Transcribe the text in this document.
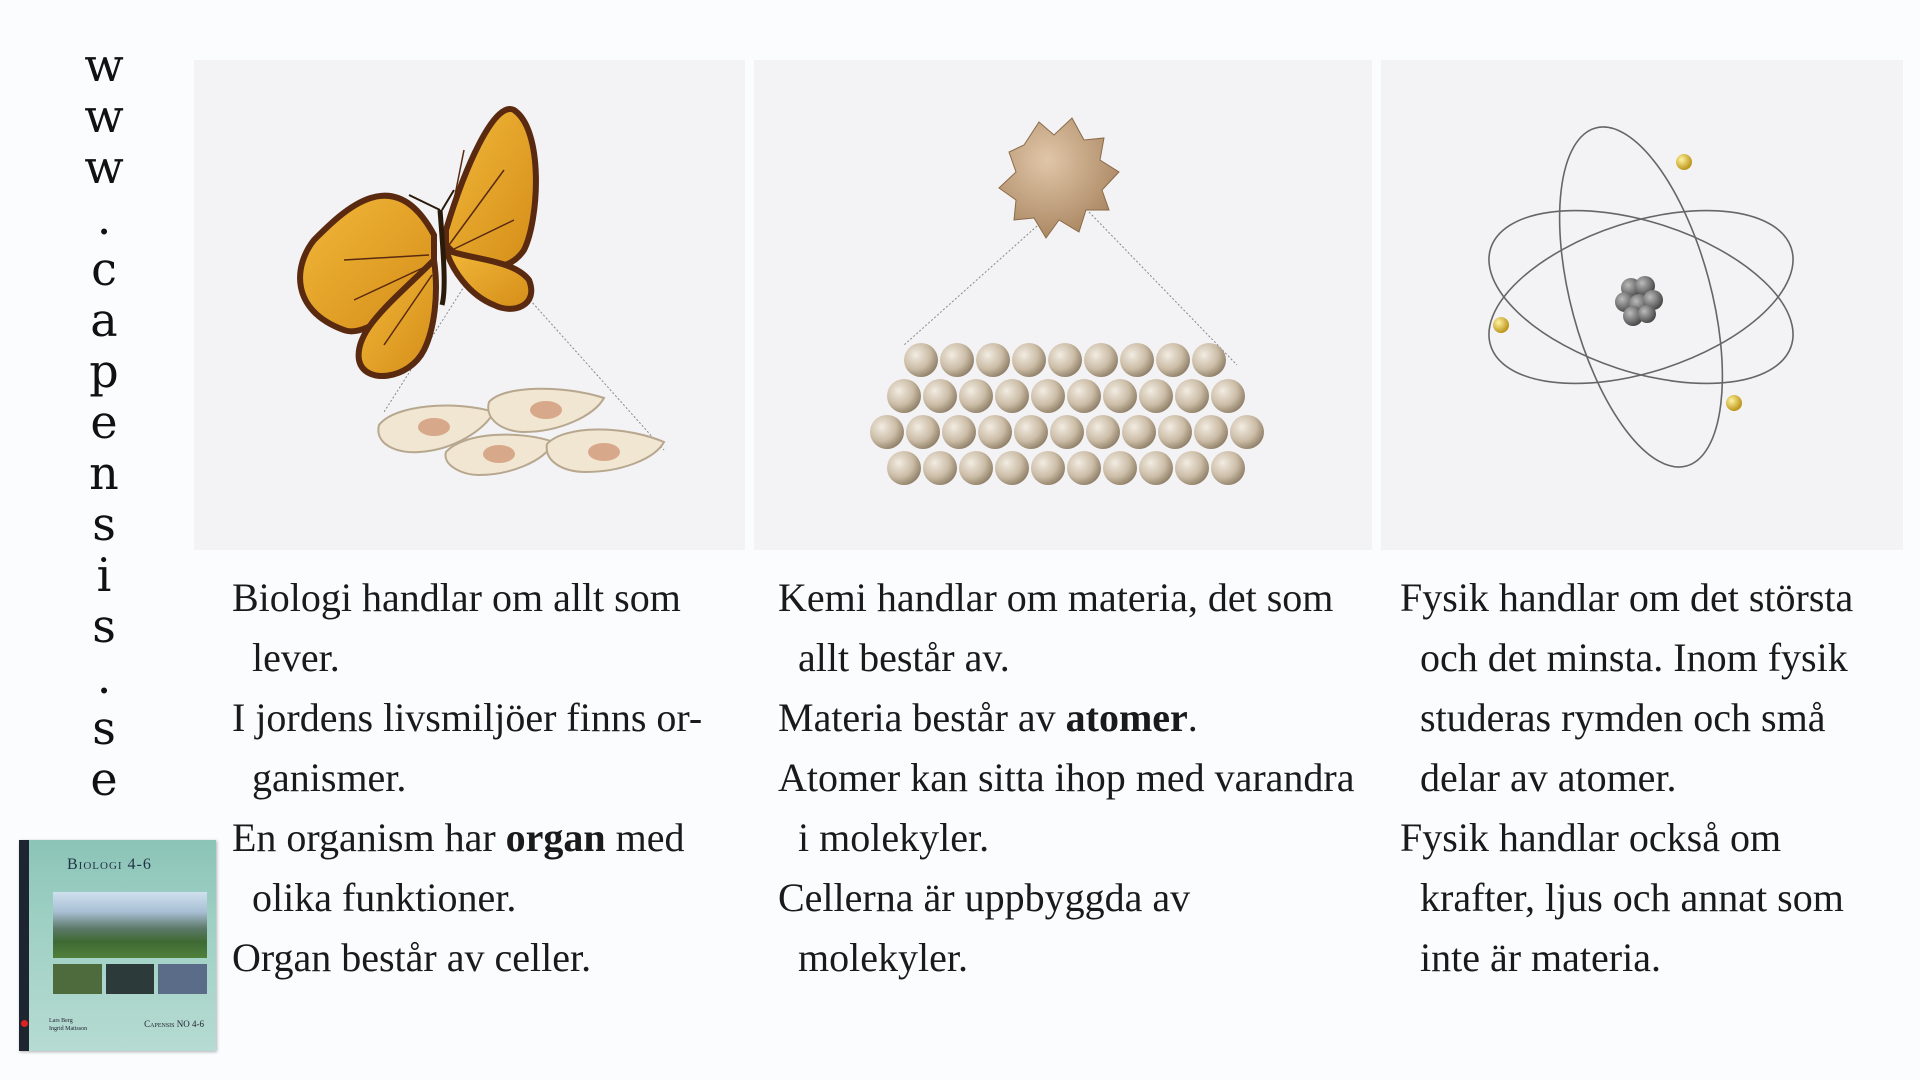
w
w
w
.
c
a
p
e
n
s
i
s
.
s
e

Biologi handlar om allt som lever.

I jordens livsmiljöer finns or-ganismer.

En organism har organ med olika funktioner.

Organ består av celler.

Kemi handlar om materia, det som allt består av.

Materia består av atomer.

Atomer kan sitta ihop med varandra i molekyler.

Cellerna är uppbyggda av molekyler.

Fysik handlar om det största och det minsta. Inom fysik studeras rymden och små delar av atomer.

Fysik handlar också om krafter, ljus och annat som inte är materia.

Biologi 4-6
Lars Berg
Ingrid Mattsson	Capensis NO 4-6
